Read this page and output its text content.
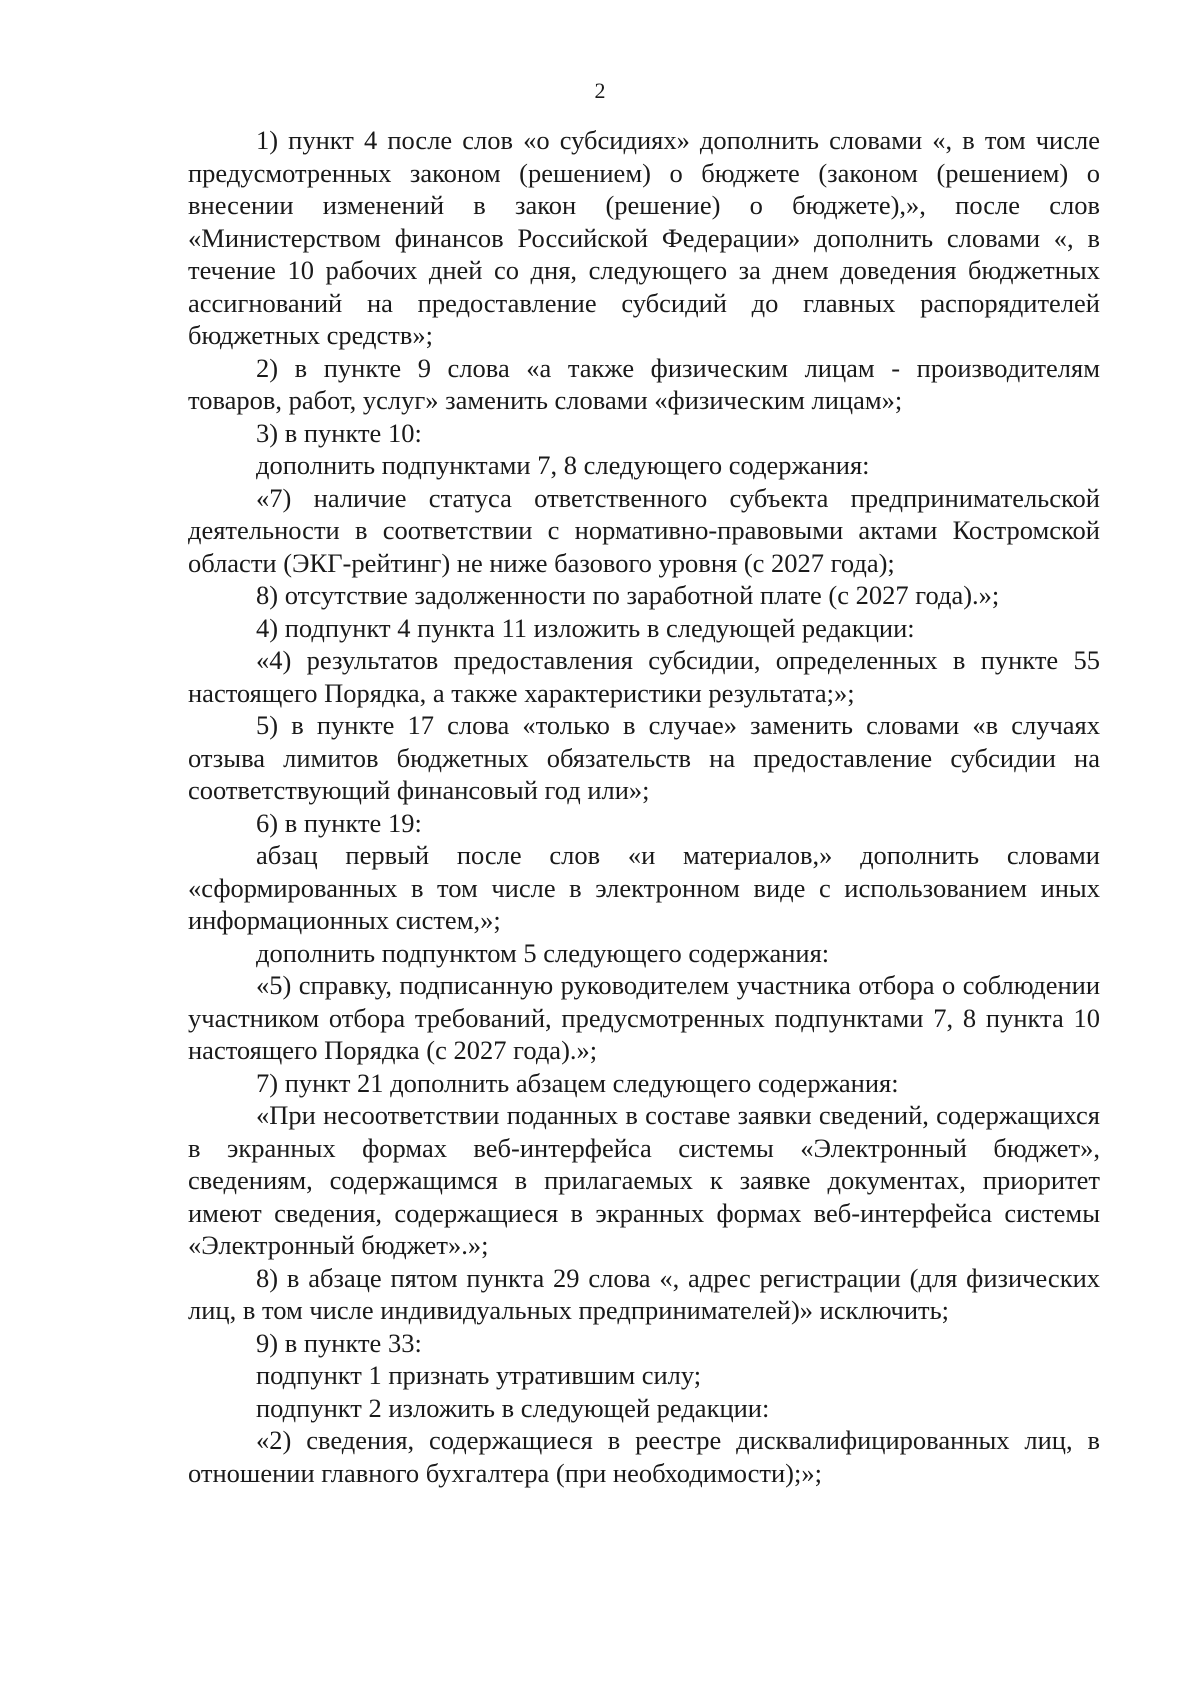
2

1) пункт 4 после слов «о субсидиях» дополнить словами «, в том числе предусмотренных законом (решением) о бюджете (законом (решением) о внесении изменений в закон (решение) о бюджете),», после слов «Министерством финансов Российской Федерации» дополнить словами «, в течение 10 рабочих дней со дня, следующего за днем доведения бюджетных ассигнований на предоставление субсидий до главных распорядителей бюджетных средств»;

2) в пункте 9 слова «а также физическим лицам - производителям товаров, работ, услуг» заменить словами «физическим лицам»;

3) в пункте 10:

дополнить подпунктами 7, 8 следующего содержания:

«7) наличие статуса ответственного субъекта предпринимательской деятельности в соответствии с нормативно-правовыми актами Костромской области (ЭКГ-рейтинг) не ниже базового уровня (с 2027 года);

8) отсутствие задолженности по заработной плате (с 2027 года).»;

4) подпункт 4 пункта 11 изложить в следующей редакции:

«4) результатов предоставления субсидии, определенных в пункте 55 настоящего Порядка, а также характеристики результата;»;

5) в пункте 17 слова «только в случае» заменить словами «в случаях отзыва лимитов бюджетных обязательств на предоставление субсидии на соответствующий финансовый год или»;

6) в пункте 19:

абзац первый после слов «и материалов,» дополнить словами «сформированных в том числе в электронном виде с использованием иных информационных систем,»;

дополнить подпунктом 5 следующего содержания:

«5) справку, подписанную руководителем участника отбора о соблюдении участником отбора требований, предусмотренных подпунктами 7, 8 пункта 10 настоящего Порядка (с 2027 года).»;

7) пункт 21 дополнить абзацем следующего содержания:

«При несоответствии поданных в составе заявки сведений, содержащихся в экранных формах веб-интерфейса системы «Электронный бюджет», сведениям, содержащимся в прилагаемых к заявке документах, приоритет имеют сведения, содержащиеся в экранных формах веб-интерфейса системы «Электронный бюджет».»;

8) в абзаце пятом пункта 29 слова «, адрес регистрации (для физических лиц, в том числе индивидуальных предпринимателей)» исключить;

9) в пункте 33:

подпункт 1 признать утратившим силу;

подпункт 2 изложить в следующей редакции:

«2) сведения, содержащиеся в реестре дисквалифицированных лиц, в отношении главного бухгалтера (при необходимости);»;
